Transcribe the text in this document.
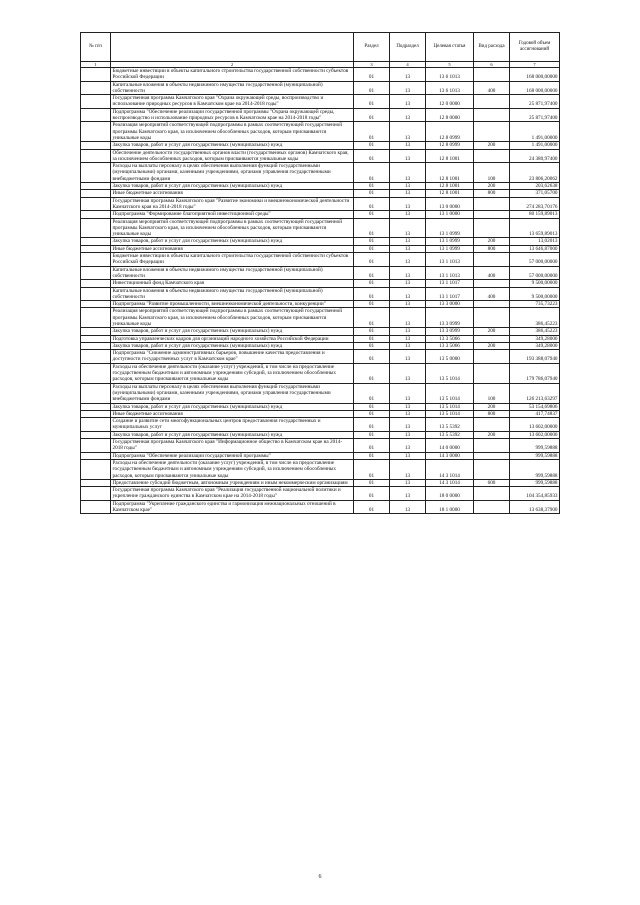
№ п/п		Раздел	Подраздел	Целевая статья	Вид расхода	Годовой объем ассигнований
1	2	3	4	5	6	7
	Бюджетные инвестиции в объекты капитального строительства государственной собственности субъектов Российской Федерации	01	13	13 6 1013		168 000,00000
	Капитальные вложения в объекты недвижимого имущества государственной (муниципальной) собственности	01	13	13 6 1013	400	168 000,00000
	Государственная программа Камчатского края "Охрана окружающей среды, воспроизводство и использование природных ресурсов в Камчатском крае на 2014-2018 годы"	01	13	12 0 0000		25 871,97400
	Подпрограмма "Обеспечение реализации государственной программы "Охрана окружающей среды, воспроизводство и использование природных ресурсов в Камчатском крае на 2014-2018 годы"	01	13	12 8 0000		25 871,97400
	Реализация мероприятий соответствующей подпрограммы в рамках соответствующей государственной программы Камчатского края, за исключением обособленных расходов, которым присваиваются уникальные коды	01	13	12 8 0999		1 491,00000
	Закупка товаров, работ и услуг для государственных (муниципальных) нужд	01	13	12 8 0999	200	1 491,00000
	Обеспечение деятельности государственных органов власти (государственных органов) Камчатского края, за исключением обособленных расходов, которым присваиваются уникальные коды	01	13	12 8 1001		24 380,97400
	Расходы на выплаты персоналу в целях обеспечения выполнения функций государственными (муниципальными) органами, казенными учреждениями, органами управления государственными внебюджетными фондами	01	13	12 8 1001	100	23 806,20062
	Закупка товаров, работ и услуг для государственных (муниципальных) нужд	01	13	12 8 1001	200	203,62638
	Иные бюджетные ассигнования	01	13	12 8 1001	800	371,05700
	Государственная программа Камчатского края "Развитие экономики и внешнеэкономической деятельности Камчатского края на 2014-2018 годы"	01	13	13 0 0000		274 283,70176
	Подпрограмма "Формирование благоприятной инвестиционной среды"	01	13	13 1 0000		80 159,89013
	Реализация мероприятий соответствующей подпрограммы в рамках соответствующей государственной программы Камчатского края, за исключением обособленных расходов, которым присваиваются уникальные коды	01	13	13 1 0999		13 659,89013
	Закупка товаров, работ и услуг для государственных (муниципальных) нужд	01	13	13 1 0999	200	13,02013
	Иные бюджетные ассигнования	01	13	13 1 0999	800	13 646,87000
	Бюджетные инвестиции в объекты капитального строительства государственной собственности субъектов Российской Федерации	01	13	13 1 1013		57 000,00000
	Капитальные вложения в объекты недвижимого имущества государственной (муниципальной) собственности	01	13	13 1 1013	400	57 000,00000
	Инвестиционный фонд Камчатского края	01	13	13 1 1017		9 500,00000
	Капитальные вложения в объекты недвижимого имущества государственной (муниципальной) собственности	01	13	13 1 1017	400	9 500,00000
	Подпрограмма "Развитие промышленности, внешнеэкономической деятельности, конкуренции"	01	13	13 3 0000		735,73223
	Реализация мероприятий соответствующей подпрограммы в рамках соответствующей государственной программы Камчатского края, за исключением обособленных расходов, которым присваиваются уникальные коды	01	13	13 3 0999		386,45223
	Закупка товаров, работ и услуг для государственных (муниципальных) нужд	01	13	13 3 0999	200	386,45223
	Подготовка управленческих кадров для организаций народного хозяйства Российской Федерации	01	13	13 3 5066		349,28000
	Закупка товаров, работ и услуг для государственных (муниципальных) нужд	01	13	13 3 5066	200	349,28000
	Подпрограмма "Снижение административных барьеров, повышение качества предоставления и доступности государственных услуг в Камчатском крае"	01	13	13 5 0000		193 388,07940
	Расходы на обеспечение деятельности (оказание услуг) учреждений, в том числе на предоставление государственным бюджетным и автономным учреждениям субсидий, за исключением обособленных расходов, которым присваиваются уникальные коды	01	13	13 5 1014		179 786,07940
	Расходы на выплаты персоналу в целях обеспечения выполнения функций государственными (муниципальными) органами, казенными учреждениями, органами управления государственными внебюджетными фондами	01	13	13 5 1014	100	126 213,63297
	Закупка товаров, работ и услуг для государственных (муниципальных) нужд	01	13	13 5 1014	200	53 154,69806
	Иные бюджетные ассигнования	01	13	13 5 1014	800	417,74837
	Создание и развитие сети многофункциональных центров предоставления государственных и муниципальных услуг	01	13	13 5 5392		13 602,00000
	Закупка товаров, работ и услуг для государственных (муниципальных) нужд	01	13	13 5 5392	200	13 602,00000
	Государственная программа Камчатского края "Информационное общество в Камчатском крае на 2014-2018 годы"	01	13	14 0 0000		999,59888
	Подпрограмма "Обеспечение реализации государственной программы"	01	13	14 3 0000		999,59888
	Расходы на обеспечение деятельности (оказание услуг) учреждений, в том числе на предоставление государственным бюджетным и автономным учреждениям субсидий, за исключением обособленных расходов, которым присваиваются уникальные коды	01	13	14 3 1014		999,59888
	Предоставление субсидий бюджетным, автономным учреждениям и иным некоммерческим организациям	01	13	14 3 1014	600	999,59888
	Государственная программа Камчатского края "Реализация государственной национальной политики и укрепление гражданского единства в Камчатском крае на 2014-2018 годы"	01	13	18 0 0000		104 354,85933
	Подпрограмма "Укрепление гражданского единства и гармонизация межнациональных отношений в Камчатском крае"	01	13	18 1 0000		13 638,37900
6
